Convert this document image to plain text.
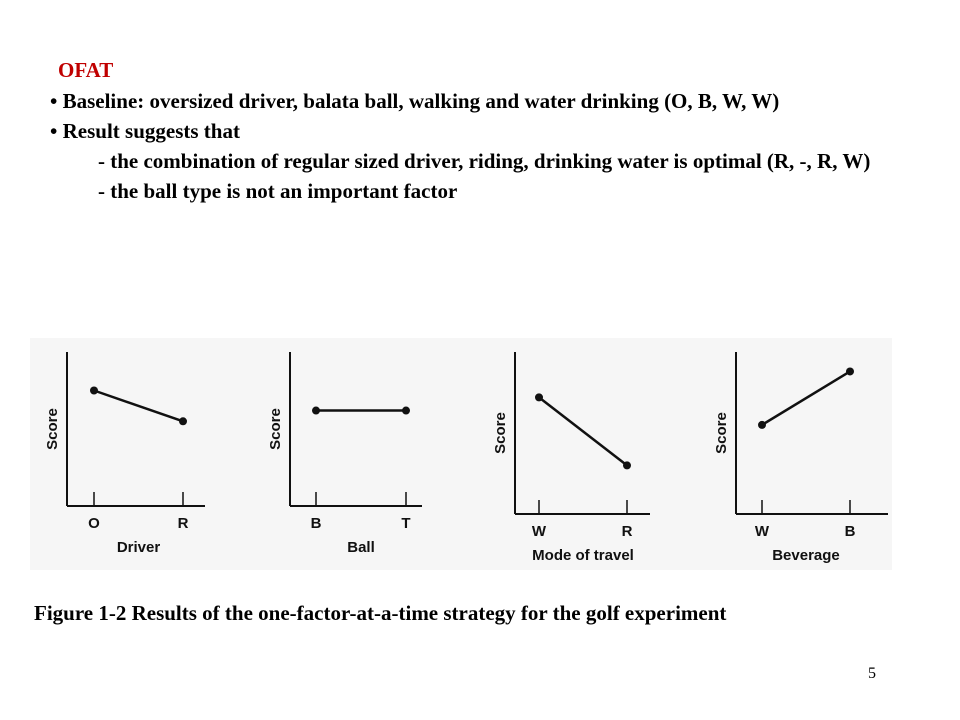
OFAT
• Baseline: oversized driver, balata ball, walking and water drinking (O, B, W, W)
• Result suggests that
- the combination of regular sized driver, riding, drinking water is optimal (R, -, R, W)
- the ball type is not an important factor
Score
O	R
Driver
Score
B	T
Ball
Score
W	R
Mode of travel
Score
W	B
Beverage
Figure 1-2 Results of the one-factor-at-a-time strategy for the golf experiment
5
